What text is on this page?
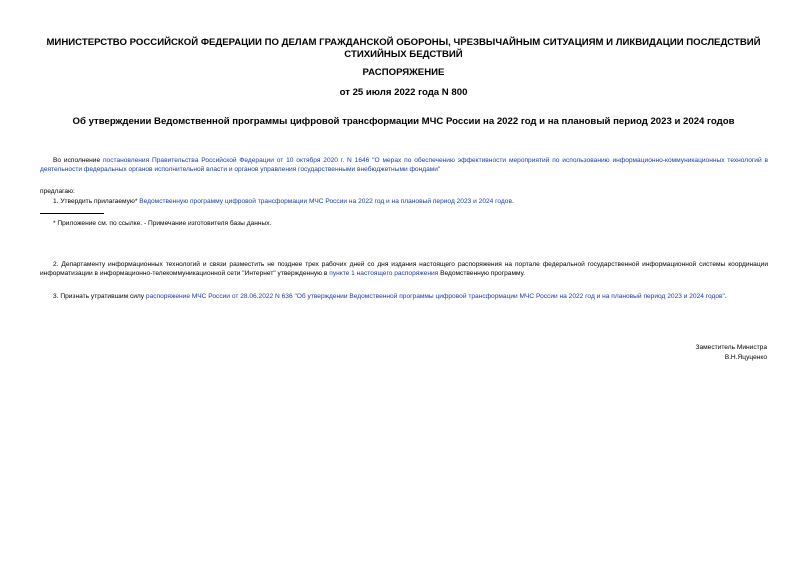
МИНИСТЕРСТВО РОССИЙСКОЙ ФЕДЕРАЦИИ ПО ДЕЛАМ ГРАЖДАНСКОЙ ОБОРОНЫ, ЧРЕЗВЫЧАЙНЫМ СИТУАЦИЯМ И ЛИКВИДАЦИИ ПОСЛЕДСТВИЙ СТИХИЙНЫХ БЕДСТВИЙ
РАСПОРЯЖЕНИЕ
от 25 июля 2022 года N 800
Об утверждении Ведомственной программы цифровой трансформации МЧС России на 2022 год и на плановый период 2023 и 2024 годов
Во исполнение постановления Правительства Российской Федерации от 10 октября 2020 г. N 1646 "О мерах по обеспечению эффективности мероприятий по использованию информационно-коммуникационных технологий в деятельности федеральных органов исполнительной власти и органов управления государственными внебюджетными фондами"
предлагаю:
1. Утвердить прилагаемую* Ведомственную программу цифровой трансформации МЧС России на 2022 год и на плановый период 2023 и 2024 годов.
* Приложение см. по ссылке. - Примечание изготовителя базы данных.
2. Департаменту информационных технологий и связи разместить не позднее трех рабочих дней со дня издания настоящего распоряжения на портале федеральной государственной информационной системы координации информатизации в информационно-телекоммуникационной сети "Интернет" утвержденную в пункте 1 настоящего распоряжения Ведомственную программу.
3. Признать утратившим силу распоряжение МЧС России от 28.06.2022 N 636 "Об утверждении Ведомственной программы цифровой трансформации МЧС России на 2022 год и на плановый период 2023 и 2024 годов".
Заместитель Министра
В.Н.Яцуценко
